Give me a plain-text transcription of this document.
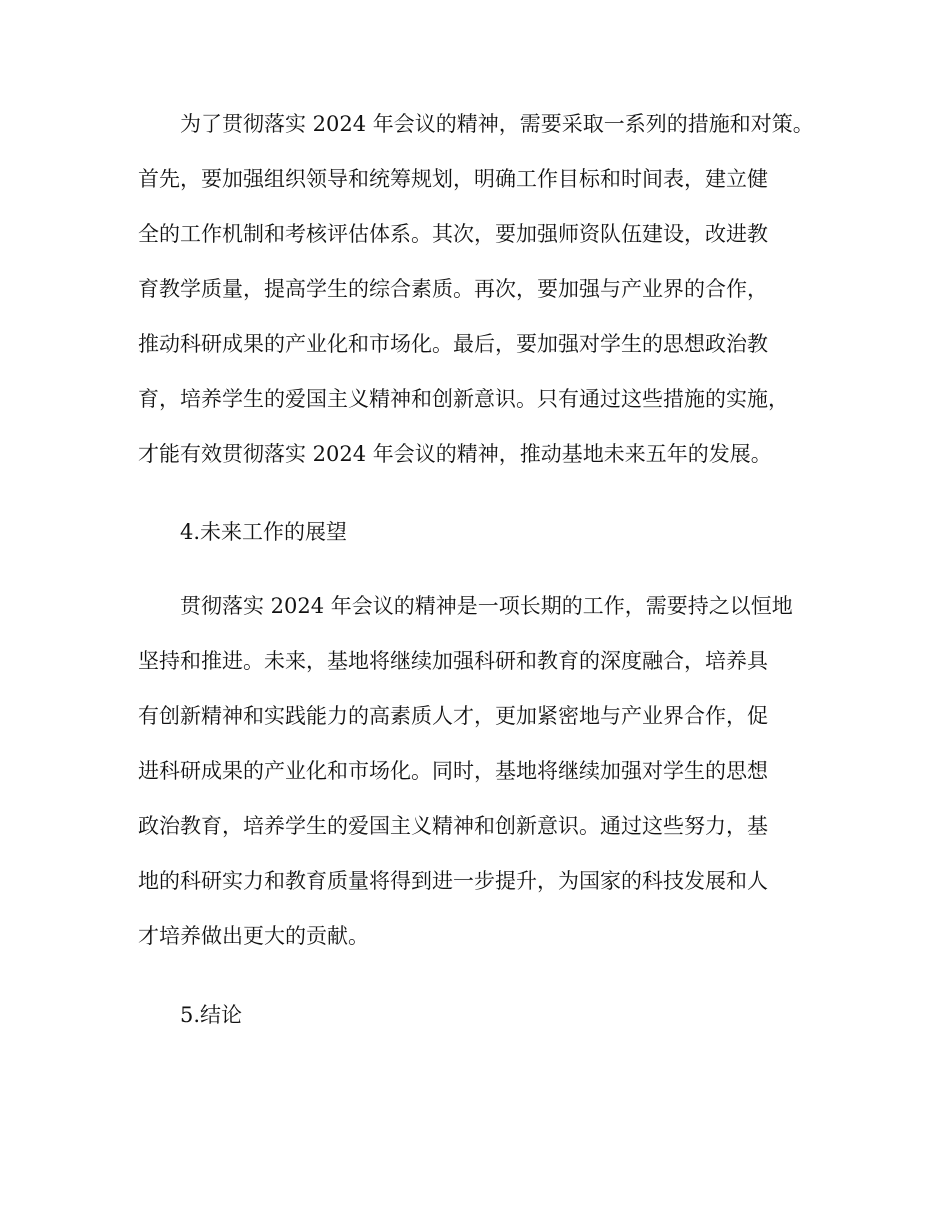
为了贯彻落实 2024 年会议的精神，需要采取一系列的措施和对策。
首先，要加强组织领导和统筹规划，明确工作目标和时间表，建立健
全的工作机制和考核评估体系。其次，要加强师资队伍建设，改进教
育教学质量，提高学生的综合素质。再次，要加强与产业界的合作，
推动科研成果的产业化和市场化。最后，要加强对学生的思想政治教
育，培养学生的爱国主义精神和创新意识。只有通过这些措施的实施，
才能有效贯彻落实 2024 年会议的精神，推动基地未来五年的发展。
4.未来工作的展望
贯彻落实 2024 年会议的精神是一项长期的工作，需要持之以恒地
坚持和推进。未来，基地将继续加强科研和教育的深度融合，培养具
有创新精神和实践能力的高素质人才，更加紧密地与产业界合作，促
进科研成果的产业化和市场化。同时，基地将继续加强对学生的思想
政治教育，培养学生的爱国主义精神和创新意识。通过这些努力，基
地的科研实力和教育质量将得到进一步提升，为国家的科技发展和人
才培养做出更大的贡献。
5.结论
